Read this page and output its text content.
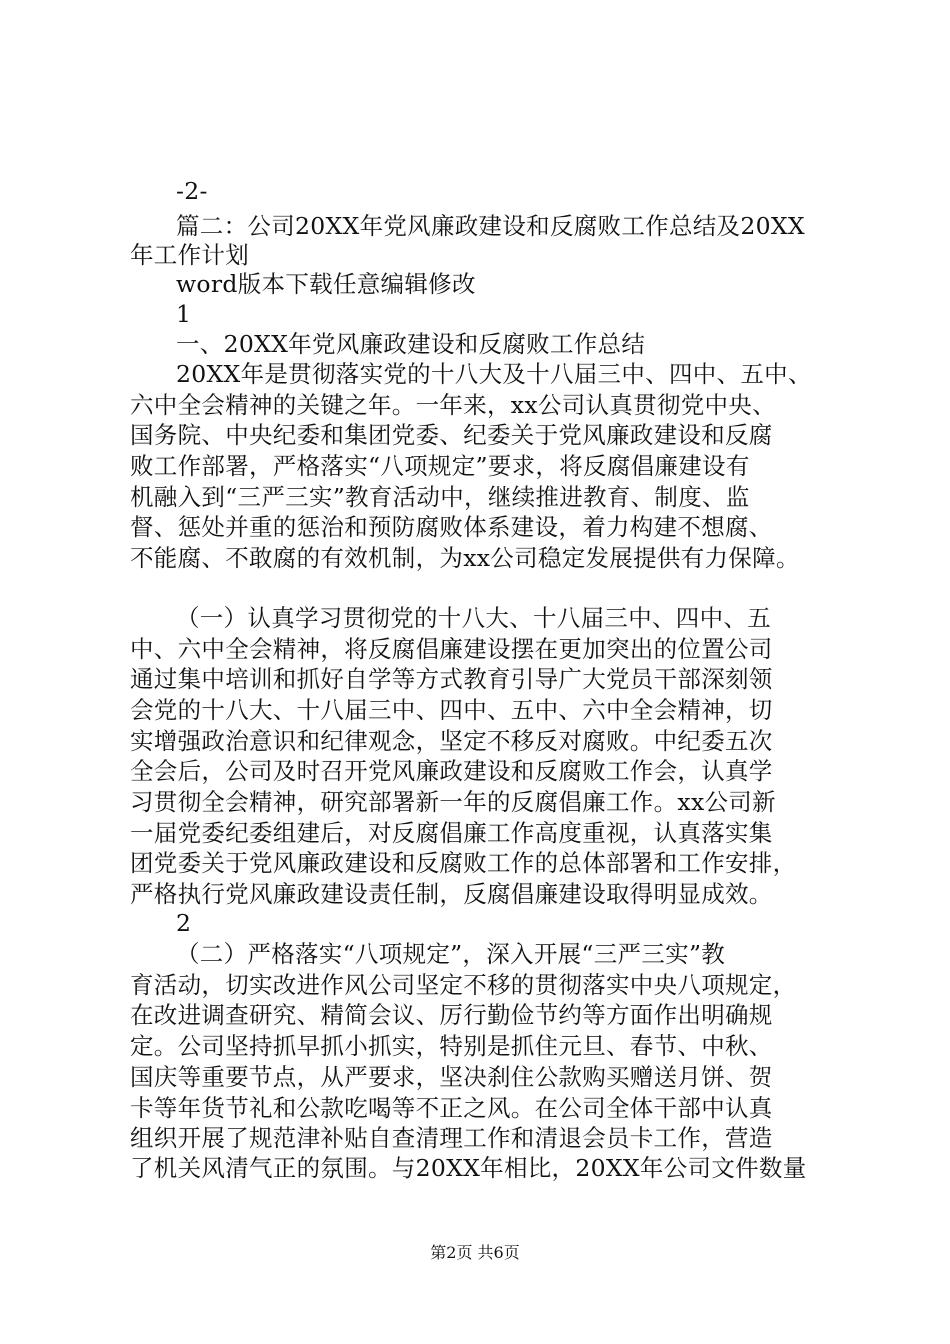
-2-
篇二：公司20XX年党风廉政建设和反腐败工作总结及20XX
年工作计划
word版本下载任意编辑修改
1
一、20XX年党风廉政建设和反腐败工作总结
20XX年是贯彻落实党的十八大及十八届三中、四中、五中、
六中全会精神的关键之年。一年来，xx公司认真贯彻党中央、
国务院、中央纪委和集团党委、纪委关于党风廉政建设和反腐
败工作部署，严格落实“八项规定”要求，将反腐倡廉建设有
机融入到“三严三实”教育活动中，继续推进教育、制度、监
督、惩处并重的惩治和预防腐败体系建设，着力构建不想腐、
不能腐、不敢腐的有效机制，为xx公司稳定发展提供有力保障。
（一）认真学习贯彻党的十八大、十八届三中、四中、五
中、六中全会精神，将反腐倡廉建设摆在更加突出的位置公司
通过集中培训和抓好自学等方式教育引导广大党员干部深刻领
会党的十八大、十八届三中、四中、五中、六中全会精神，切
实增强政治意识和纪律观念，坚定不移反对腐败。中纪委五次
全会后，公司及时召开党风廉政建设和反腐败工作会，认真学
习贯彻全会精神，研究部署新一年的反腐倡廉工作。xx公司新
一届党委纪委组建后，对反腐倡廉工作高度重视，认真落实集
团党委关于党风廉政建设和反腐败工作的总体部署和工作安排，
严格执行党风廉政建设责任制，反腐倡廉建设取得明显成效。
2
（二）严格落实“八项规定”，深入开展“三严三实”教
育活动，切实改进作风公司坚定不移的贯彻落实中央八项规定，
在改进调查研究、精简会议、厉行勤俭节约等方面作出明确规
定。公司坚持抓早抓小抓实，特别是抓住元旦、春节、中秋、
国庆等重要节点，从严要求，坚决刹住公款购买赠送月饼、贺
卡等年货节礼和公款吃喝等不正之风。在公司全体干部中认真
组织开展了规范津补贴自查清理工作和清退会员卡工作，营造
了机关风清气正的氛围。与20XX年相比，20XX年公司文件数量
第2页 共6页
